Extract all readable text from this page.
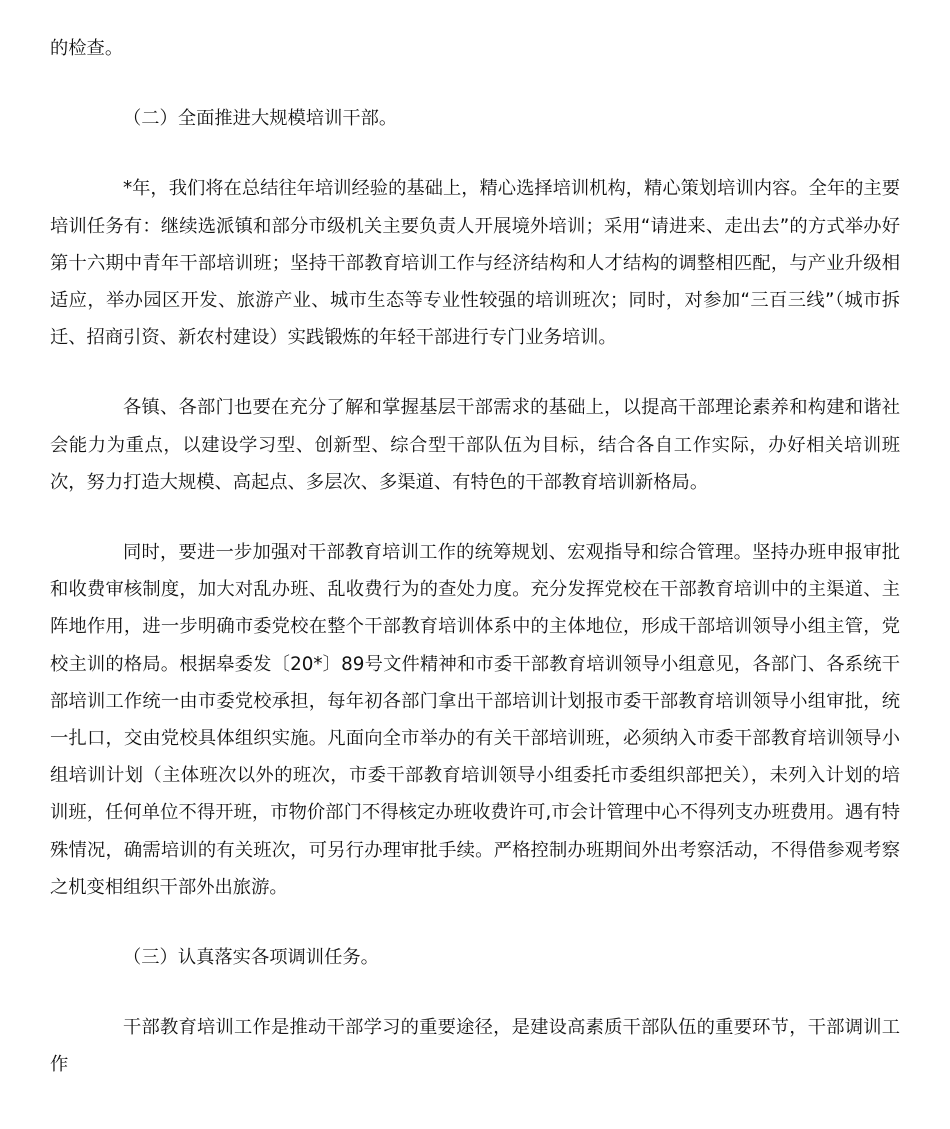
的检查。

（二）全面推进大规模培训干部。

*年，我们将在总结往年培训经验的基础上，精心选择培训机构，精心策划培训内容。全年的主要培训任务有：继续选派镇和部分市级机关主要负责人开展境外培训；采用“请进来、走出去”的方式举办好第十六期中青年干部培训班；坚持干部教育培训工作与经济结构和人才结构的调整相匹配，与产业升级相适应，举办园区开发、旅游产业、城市生态等专业性较强的培训班次；同时，对参加“三百三线”（城市拆迁、招商引资、新农村建设）实践锻炼的年轻干部进行专门业务培训。

各镇、各部门也要在充分了解和掌握基层干部需求的基础上，以提高干部理论素养和构建和谐社会能力为重点，以建设学习型、创新型、综合型干部队伍为目标，结合各自工作实际，办好相关培训班次，努力打造大规模、高起点、多层次、多渠道、有特色的干部教育培训新格局。

同时，要进一步加强对干部教育培训工作的统筹规划、宏观指导和综合管理。坚持办班申报审批和收费审核制度，加大对乱办班、乱收费行为的查处力度。充分发挥党校在干部教育培训中的主渠道、主阵地作用，进一步明确市委党校在整个干部教育培训体系中的主体地位，形成干部培训领导小组主管，党校主训的格局。根据皋委发〔20*〕89号文件精神和市委干部教育培训领导小组意见，各部门、各系统干部培训工作统一由市委党校承担，每年初各部门拿出干部培训计划报市委干部教育培训领导小组审批，统一扎口，交由党校具体组织实施。凡面向全市举办的有关干部培训班，必须纳入市委干部教育培训领导小组培训计划（主体班次以外的班次，市委干部教育培训领导小组委托市委组织部把关），未列入计划的培训班，任何单位不得开班，市物价部门不得核定办班收费许可,市会计管理中心不得列支办班费用。遇有特殊情况，确需培训的有关班次，可另行办理审批手续。严格控制办班期间外出考察活动，不得借参观考察之机变相组织干部外出旅游。

（三）认真落实各项调训任务。

干部教育培训工作是推动干部学习的重要途径，是建设高素质干部队伍的重要环节，干部调训工作
